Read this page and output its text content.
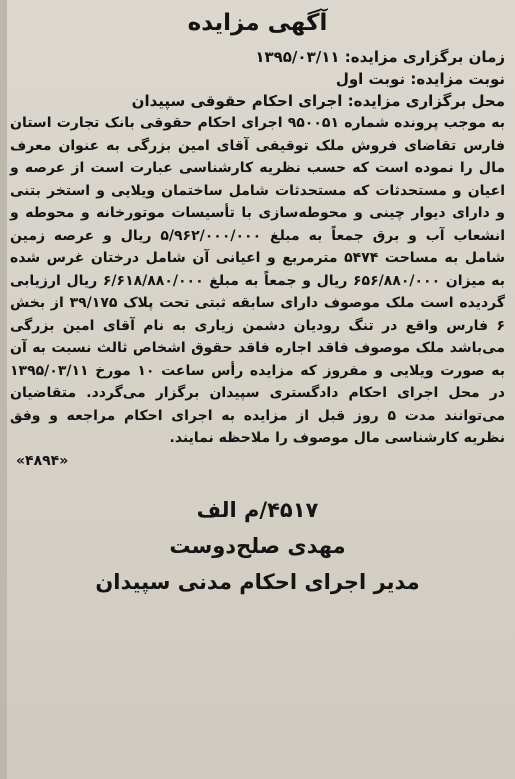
آگهی مزایده

زمان برگزاری مزایده: ۱۳۹۵/۰۳/۱۱

نوبت مزایده: نوبت اول

محل برگزاری مزایده: اجرای احکام حقوقی سپیدان

به موجب پرونده شماره ۹۵۰۰۵۱ اجرای احکام حقوقی بانک تجارت استان فارس تقاضای فروش ملک توقیفی آقای امین بزرگی به عنوان معرف مال را نموده است که حسب نظریه کارشناسی عبارت است از عرصه و اعیان و مستحدثات که مستحدثات شامل ساختمان ویلایی و استخر بتنی و دارای دیوار چینی و محوطه‌سازی با تأسیسات موتورخانه و محوطه و انشعاب آب و برق جمعاً به مبلغ ۵/۹۶۲/۰۰۰/۰۰۰ ریال و عرصه زمین شامل به مساحت ۵۴۷۴ مترمربع و اعیانی آن شامل درختان غرس شده به میزان ۶۵۶/۸۸۰/۰۰۰ ریال و جمعاً به مبلغ ۶/۶۱۸/۸۸۰/۰۰۰ ریال ارزیابی گردیده است ملک موصوف دارای سابقه ثبتی تحت پلاک ۳۹/۱۷۵ از بخش ۶ فارس واقع در تنگ رودیان دشمن زیاری به نام آقای امین بزرگی می‌باشد ملک موصوف فاقد اجاره فاقد حقوق اشخاص ثالث نسبت به آن به صورت ویلایی و مفروز که مزایده رأس ساعت ۱۰ مورخ ۱۳۹۵/۰۳/۱۱ در محل اجرای احکام دادگستری سپیدان برگزار می‌گردد. متقاضیان می‌توانند مدت ۵ روز قبل از مزایده به اجرای احکام مراجعه و وفق نظریه کارشناسی مال موصوف را ملاحظه نمایند.

«۴۸۹۴»

۴۵۱۷/م الف

مهدی صلح‌دوست

مدیر اجرای احکام مدنی سپیدان
